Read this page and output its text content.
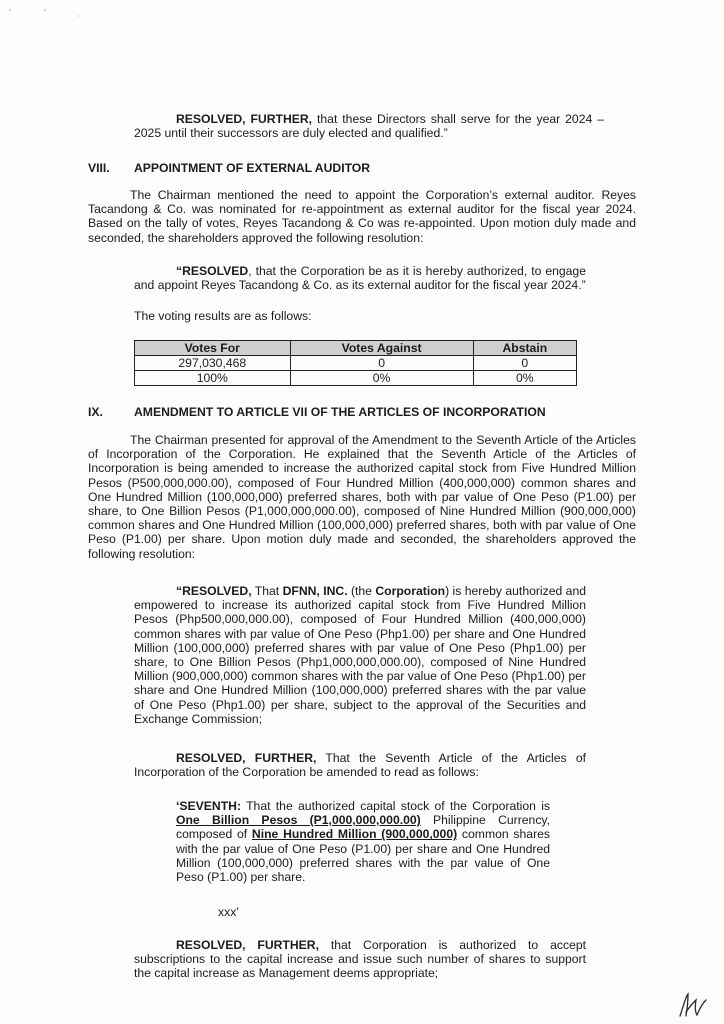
RESOLVED, FURTHER, that these Directors shall serve for the year 2024 – 2025 until their successors are duly elected and qualified.”

VIII. APPOINTMENT OF EXTERNAL AUDITOR

The Chairman mentioned the need to appoint the Corporation’s external auditor. Reyes Tacandong & Co. was nominated for re-appointment as external auditor for the fiscal year 2024. Based on the tally of votes, Reyes Tacandong & Co was re-appointed. Upon motion duly made and seconded, the shareholders approved the following resolution:

“RESOLVED, that the Corporation be as it is hereby authorized, to engage and appoint Reyes Tacandong & Co. as its external auditor for the fiscal year 2024.”

The voting results are as follows:

Votes For	Votes Against	Abstain
297,030,468	0	0
100%	0%	0%
IX.	AMENDMENT TO ARTICLE VII OF THE ARTICLES OF INCORPORATION

The Chairman presented for approval of the Amendment to the Seventh Article of the Articles of Incorporation of the Corporation. He explained that the Seventh Article of the Articles of Incorporation is being amended to increase the authorized capital stock from Five Hundred Million Pesos (P500,000,000.00), composed of Four Hundred Million (400,000,000) common shares and One Hundred Million (100,000,000) preferred shares, both with par value of One Peso (P1.00) per share, to One Billion Pesos (P1,000,000,000.00), composed of Nine Hundred Million (900,000,000) common shares and One Hundred Million (100,000,000) preferred shares, both with par value of One Peso (P1.00) per share. Upon motion duly made and seconded, the shareholders approved the following resolution:

“RESOLVED, That DFNN, INC. (the Corporation) is hereby authorized and empowered to increase its authorized capital stock from Five Hundred Million Pesos (Php500,000,000.00), composed of Four Hundred Million (400,000,000) common shares with par value of One Peso (Php1.00) per share and One Hundred Million (100,000,000) preferred shares with par value of One Peso (Php1.00) per share, to One Billion Pesos (Php1,000,000,000.00), composed of Nine Hundred Million (900,000,000) common shares with the par value of One Peso (Php1.00) per share and One Hundred Million (100,000,000) preferred shares with the par value of One Peso (Php1.00) per share, subject to the approval of the Securities and Exchange Commission;

RESOLVED, FURTHER, That the Seventh Article of the Articles of Incorporation of the Corporation be amended to read as follows:

‘SEVENTH: That the authorized capital stock of the Corporation is One Billion Pesos (P1,000,000,000.00) Philippine Currency, composed of Nine Hundred Million (900,000,000) common shares with the par value of One Peso (P1.00) per share and One Hundred Million (100,000,000) preferred shares with the par value of One Peso (P1.00) per share.

xxx’

RESOLVED, FURTHER, that Corporation is authorized to accept subscriptions to the capital increase and issue such number of shares to support the capital increase as Management deems appropriate;
